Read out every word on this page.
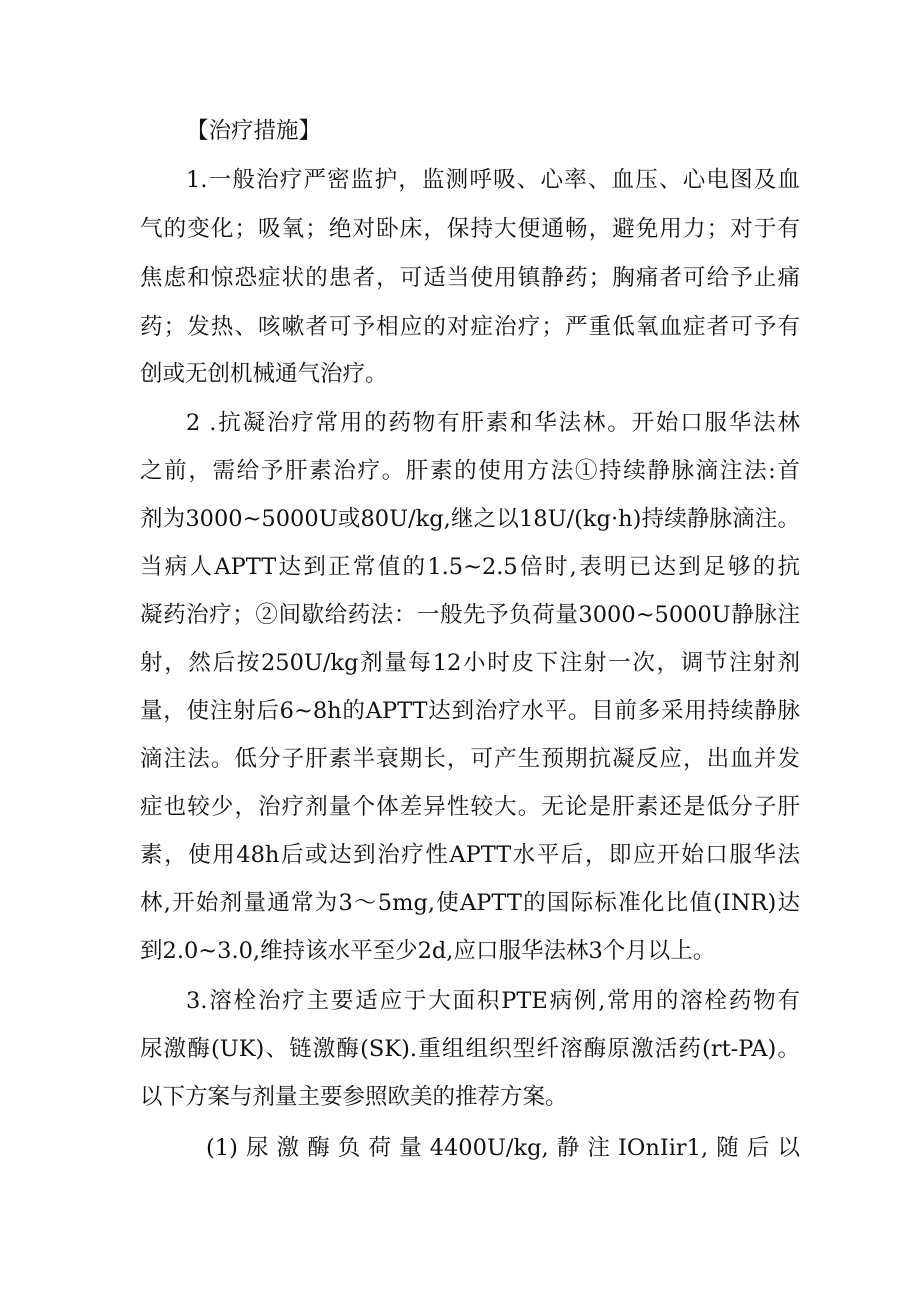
【治疗措施】

1.一般治疗严密监护，监测呼吸、心率、血压、心电图及血

气的变化；吸氧；绝对卧床，保持大便通畅，避免用力；对于有

焦虑和惊恐症状的患者，可适当使用镇静药；胸痛者可给予止痛

药；发热、咳嗽者可予相应的对症治疗；严重低氧血症者可予有

创或无创机械通气治疗。

2 .抗凝治疗常用的药物有肝素和华法林。开始口服华法林

之前，需给予肝素治疗。肝素的使用方法①持续静脉滴注法:首

剂为3000~5000U或80U/kg,继之以18U/(kg·h)持续静脉滴注。

当病人APTT达到正常值的1.5~2.5倍时,表明已达到足够的抗

凝药治疗；②间歇给药法：一般先予负荷量3000~5000U静脉注

射，然后按250U/kg剂量每12小时皮下注射一次，调节注射剂

量，使注射后6~8h的APTT达到治疗水平。目前多采用持续静脉

滴注法。低分子肝素半衰期长，可产生预期抗凝反应，出血并发

症也较少，治疗剂量个体差异性较大。无论是肝素还是低分子肝

素，使用48h后或达到治疗性APTT水平后，即应开始口服华法

林,开始剂量通常为3～5mg,使APTT的国际标准化比值(INR)达

到2.0~3.0,维持该水平至少2d,应口服华法林3个月以上。

3.溶栓治疗主要适应于大面积PTE病例,常用的溶栓药物有

尿激酶(UK)、链激酶(SK).重组组织型纤溶酶原激活药(rt-PA)。

以下方案与剂量主要参照欧美的推荐方案。

(1)尿激酶负荷量4400U/kg,静注IOnIir1,随后以
